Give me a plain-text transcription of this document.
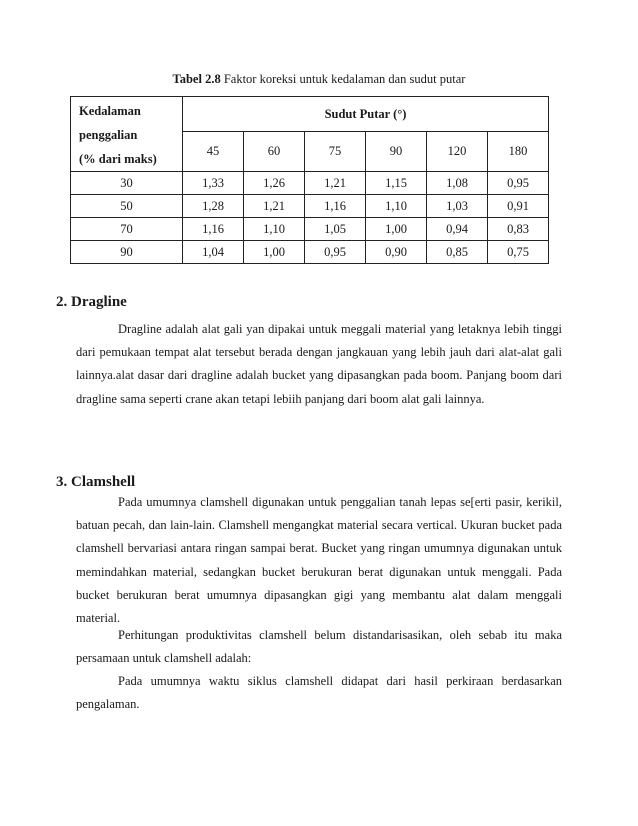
Tabel 2.8 Faktor koreksi untuk kedalaman dan sudut putar
Kedalaman
penggalian
(% dari maks)	Sudut Putar (°)					
	45	60	75	90	120	180
30	1,33	1,26	1,21	1,15	1,08	0,95
50	1,28	1,21	1,16	1,10	1,03	0,91
70	1,16	1,10	1,05	1,00	0,94	0,83
90	1,04	1,00	0,95	0,90	0,85	0,75
2. Dragline

Dragline adalah alat gali yan dipakai untuk meggali material yang letaknya lebih tinggi dari pemukaan tempat alat tersebut berada dengan jangkauan yang lebih jauh dari alat-alat gali lainnya.alat dasar dari dragline adalah bucket yang dipasangkan pada boom. Panjang boom dari dragline sama seperti crane akan tetapi lebiih panjang dari boom alat gali lainnya.

3. Clamshell

Pada umumnya clamshell digunakan untuk penggalian tanah lepas se[erti pasir, kerikil, batuan pecah, dan lain-lain. Clamshell mengangkat material secara vertical. Ukuran bucket pada clamshell bervariasi antara ringan sampai berat. Bucket yang ringan umumnya digunakan untuk memindahkan material, sedangkan bucket berukuran berat digunakan untuk menggali. Pada bucket berukuran berat umumnya dipasangkan gigi yang membantu alat dalam menggali material.

Perhitungan produktivitas clamshell belum distandarisasikan, oleh sebab itu maka persamaan untuk clamshell adalah:

Pada umumnya waktu siklus clamshell didapat dari hasil perkiraan berdasarkan pengalaman.
